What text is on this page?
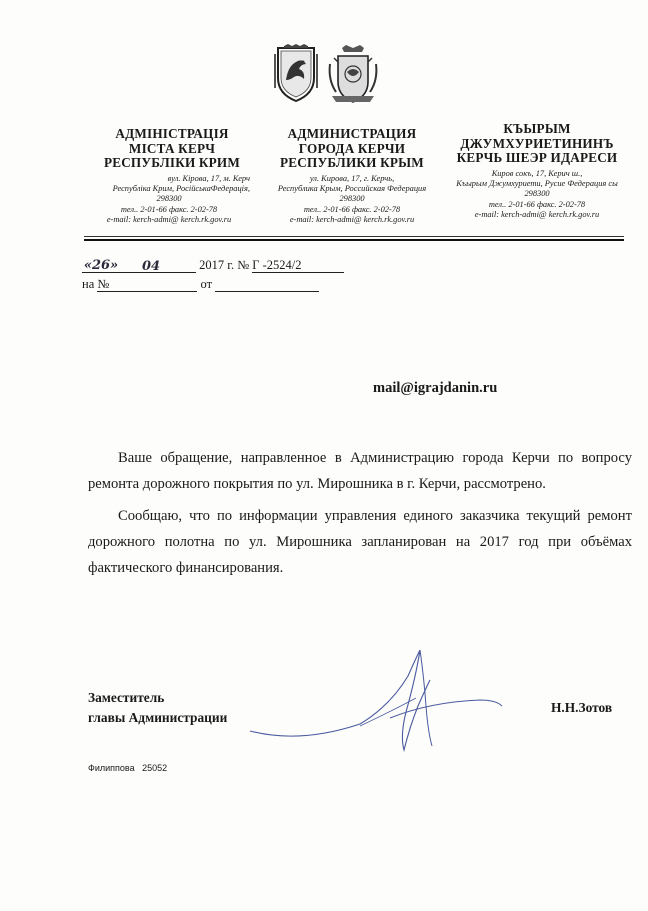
АДМІНІСТРАЦІЯ
МІСТА КЕРЧ
РЕСПУБЛІКИ КРИМ
вул. Кірова, 17, м. Керч
Республіка Крим, РосійськаФедерація,
298300
тел.. 2-01-66 факс. 2-02-78
e-mail: kerch-admi@ kerch.rk.gov.ru
АДМИНИСТРАЦИЯ
ГОРОДА КЕРЧИ
РЕСПУБЛИКИ КРЫМ
ул. Кирова, 17, г. Керчь,
Республика Крым, Российская Федерация
298300
тел.. 2-01-66 факс. 2-02-78
e-mail: kerch-admi@ kerch.rk.gov.ru
КЪЫРЫМ
ДЖУМХУРИЕТИНИНЪ
КЕРЧЬ ШЕЭР ИДАРЕСИ
Киров сокъ, 17, Керич ш.,
Къырым Джумхуриети, Русие Федерация сы
298300
тел.. 2-01-66 факс. 2-02-78
e-mail: kerch-admi@ kerch.rk.gov.ru
«26» 04	2017 г. № Г -2524/2
на №	от
mail@igrajdanin.ru

Ваше обращение, направленное в Администрацию города Керчи по вопросу ремонта дорожного покрытия по ул. Мирошника в г. Керчи, рассмотрено.

Сообщаю, что по информации управления единого заказчика текущий ремонт дорожного полотна по ул. Мирошника запланирован на 2017 год при объёмах фактического финансирования.

Заместитель
главы Администрации
Н.Н.Зотов
Филиппова   25052
